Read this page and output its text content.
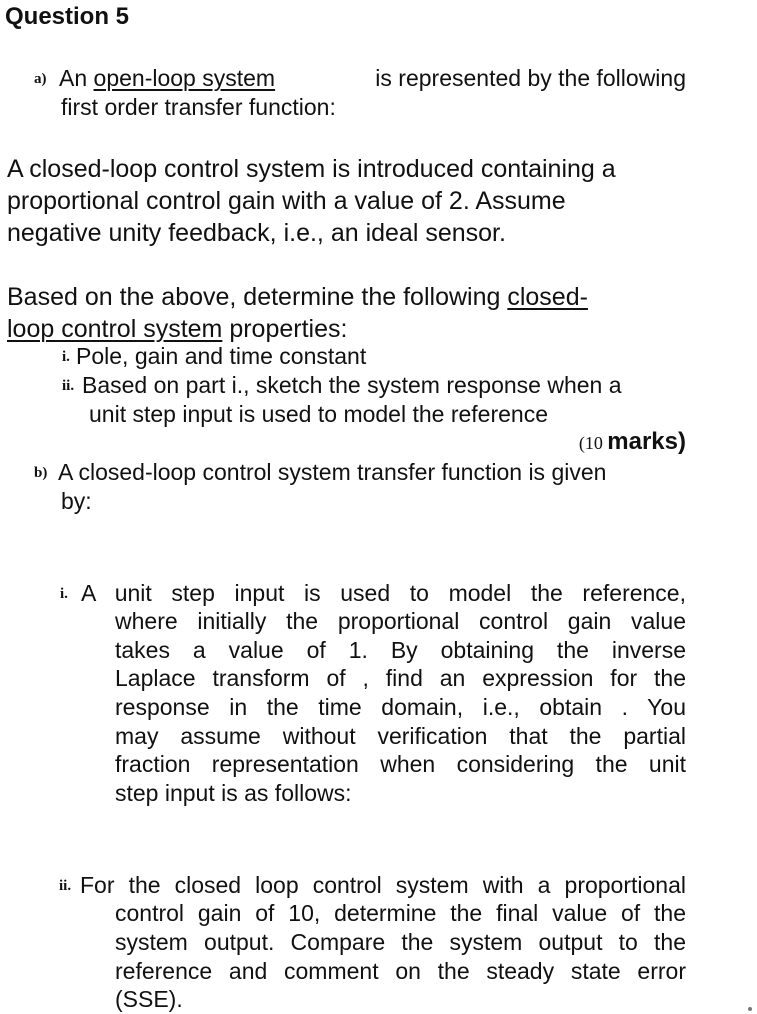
Question 5
a) An open-loop system	is represented by the following
first order transfer function:
A closed-loop control system is introduced containing a
proportional control gain with a value of 2. Assume
negative unity feedback, i.e., an ideal sensor.
Based on the above, determine the following closed-
loop control system properties:
i. Pole, gain and time constant
ii. Based on part i., sketch the system response when a
unit step input is used to model the reference
(10 marks)
b) A closed-loop control system transfer function is given
by:
i. A unit step input is used to model the reference,
where initially the proportional control gain value
takes a value of 1. By obtaining the inverse
Laplace transform of , find an expression for the
response in the time domain, i.e., obtain . You
may assume without verification that the partial
fraction representation when considering the unit
step input is as follows:
ii. For the closed loop control system with a proportional
control gain of 10, determine the final value of the
system output. Compare the system output to the
reference and comment on the steady state error
(SSE).
